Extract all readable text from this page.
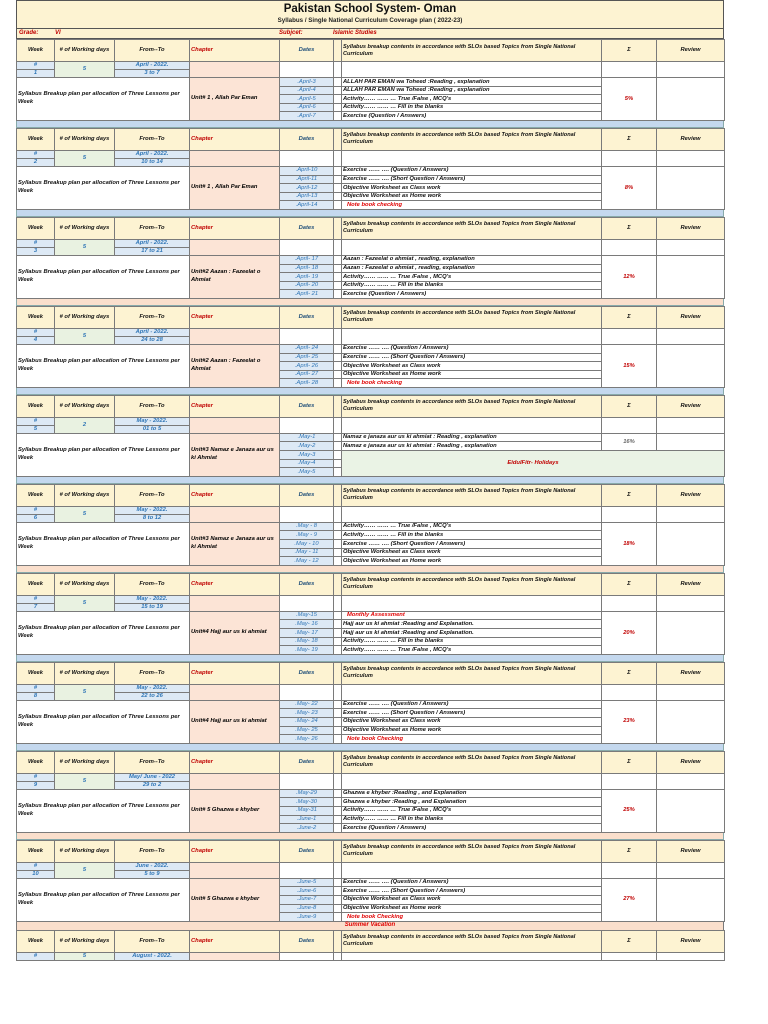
Pakistan School System- Oman
Syllabus / Single National Curriculum Coverage plan ( 2022-23)
Grade:	VI	Subjcet:	Islamic Studies
Week	# of Working days	From--To	Chapter	Dates		Syllabus breakup contents in accordance with SLOs based Topics from Single National Curriculum	Σ	Review
#	5	April - 2022.						
1		3 to 7						
Syllabus Breakup plan per allocation of Three Lessons per Week			Unit# 1 , Allah Par Eman	.April-3		ALLAH PAR EMAN wa Toheed :Reading , explanation	5%	
				.April-4		ALLAH PAR EMAN wa Toheed :Reading , explanation		
				.April-5		Activity…… …… … True /False , MCQ's		
				.April-6		Activity…… …… … Fill in the blanks		
				.April-7		Exercise (Question / Answers)		
Week	# of Working days	From--To	Chapter	Dates		Syllabus breakup contents in accordance with SLOs based Topics from Single National Curriculum	Σ	Review
#	5	April - 2022.						
2		10 to 14						
Syllabus Breakup plan per allocation of Three Lessons per Week			Unit# 1 , Allah Par Eman	.April-10		Exercise …… …. (Question / Answers)	8%	
				.April-11		Exercise …… …. (Short Question / Answers)		
				.April-12		Objective Worksheet as Class work		
				.April-13		Objective Worksheet as Home work		
				.April-14		Note book checking		
Week	# of Working days	From--To	Chapter	Dates		Syllabus breakup contents in accordance with SLOs based Topics from Single National Curriculum	Σ	Review
#	5	April - 2022.						
3		17 to 21						
Syllabus Breakup plan per allocation of Three Lessons per Week			Unit#2 Aazan : Fazeelat o Ahmiat	.April- 17		Aazan : Fazeelat o ahmiat , reading, explanation	12%	
				.April- 18		Aazan : Fazeelat o ahmiat , reading, explanation		
				.April- 19		Activity…… …… … True /False , MCQ's		
				.April- 20		Activity…… …… … Fill in the blanks		
				.April- 21		Exercise (Question / Answers)		
Week	# of Working days	From--To	Chapter	Dates		Syllabus breakup contents in accordance with SLOs based Topics from Single National Curriculum	Σ	Review
#	5	April - 2022.						
4		24 to 28						
Syllabus Breakup plan per allocation of Three Lessons per Week			Unit#2 Aazan : Fazeelat o Ahmiat	.April- 24		Exercise …… …. (Question / Answers)	15%	
				.April- 25		Exercise …… …. (Short Question / Answers)		
				.April- 26		Objective Worksheet as Class work		
				.April- 27		Objective Worksheet as Home work		
				.April- 28		Note book checking		
Week	# of Working days	From--To	Chapter	Dates		Syllabus breakup contents in accordance with SLOs based Topics from Single National Curriculum	Σ	Review
#	2	May - 2022.						
5		01 to 5						
Syllabus Breakup plan per allocation of Three Lessons per Week			Unit#3 Namaz e Janaza aur us ki Ahmiat	.May-1		Namaz e janaza aur us ki ahmiat : Reading , explanation	16%	
				.May-2		Namaz e janaza aur us ki ahmiat : Reading , explanation		
				.May-3		EidulFitr- Holidays		
				.May-4				
				.May-5				
Week	# of Working days	From--To	Chapter	Dates		Syllabus breakup contents in accordance with SLOs based Topics from Single National Curriculum	Σ	Review
#	5	May - 2022.						
6		8 to 12						
Syllabus Breakup plan per allocation of Three Lessons per Week			Unit#3 Namaz e Janaza aur us ki Ahmiat	.May - 8		Activity…… …… … True /False , MCQ's	18%	
				.May - 9		Activity…… …… … Fill in the blanks		
				.May - 10		Exercise …… …. (Short Question / Answers)		
				.May - 11		Objective Worksheet as Class work		
				.May - 12		Objective Worksheet as Home work		
Week	# of Working days	From--To	Chapter	Dates		Syllabus breakup contents in accordance with SLOs based Topics from Single National Curriculum	Σ	Review
#	5	May - 2022.						
7		15 to 19						
Syllabus Breakup plan per allocation of Three Lessons per Week			Unit#4 Hajj aur us ki ahmiat	.May-15		Monthly Assessment	20%	
				.May- 16		Hajj aur us ki ahmiat :Reading and Explanation.		
				.May- 17		Hajj aur us ki ahmiat :Reading and Explanation.		
				.May- 18		Activity…… …… … Fill in the blanks		
				.May- 19		Activity…… …… … True /False , MCQ's		
Week	# of Working days	From--To	Chapter	Dates		Syllabus breakup contents in accordance with SLOs based Topics from Single National Curriculum	Σ	Review
#	5	May - 2022.						
8		22 to 26						
Syllabus Breakup plan per allocation of Three Lessons per Week			Unit#4 Hajj aur us ki ahmiat	.May- 22		Exercise …… …. (Question / Answers)	23%	
				.May- 23		Exercise …… …. (Short Question / Answers)		
				.May- 24		Objective Worksheet as Class work		
				.May- 25		Objective Worksheet as Home work		
				.May- 26		Note book Checking		
Week	# of Working days	From--To	Chapter	Dates		Syllabus breakup contents in accordance with SLOs based Topics from Single National Curriculum	Σ	Review
#	5	May/ June - 2022						
9		29 to 2						
Syllabus Breakup plan per allocation of Three Lessons per Week			Unit# 5 Ghazwa e khyber	.May-29		Ghazwa e khyber :Reading , and Explanation	25%	
				.May-30		Ghazwa e khyber :Reading , and Explanation		
				.May-31		Activity…… …… … True /False , MCQ's		
				.June-1		Activity…… …… … Fill in the blanks		
				.June-2		Exercise (Question / Answers)		
Week	# of Working days	From--To	Chapter	Dates		Syllabus breakup contents in accordance with SLOs based Topics from Single National Curriculum	Σ	Review
#	5	June - 2022.						
10		5 to 9						
Syllabus Breakup plan per allocation of Three Lessons per Week			Unit# 5 Ghazwa e khyber	.June-5		Exercise …… …. (Question / Answers)	27%	
				.June-6		Exercise …… …. (Short Question / Answers)		
				.June-7		Objective Worksheet as Class work		
				.June-8		Objective Worksheet as Home work		
				.June-9		Note book Checking		
Summer Vacation
Week	# of Working days	From--To	Chapter	Dates		Syllabus breakup contents in accordance with SLOs based Topics from Single National Curriculum	Σ	Review
#	5	August - 2022.						
